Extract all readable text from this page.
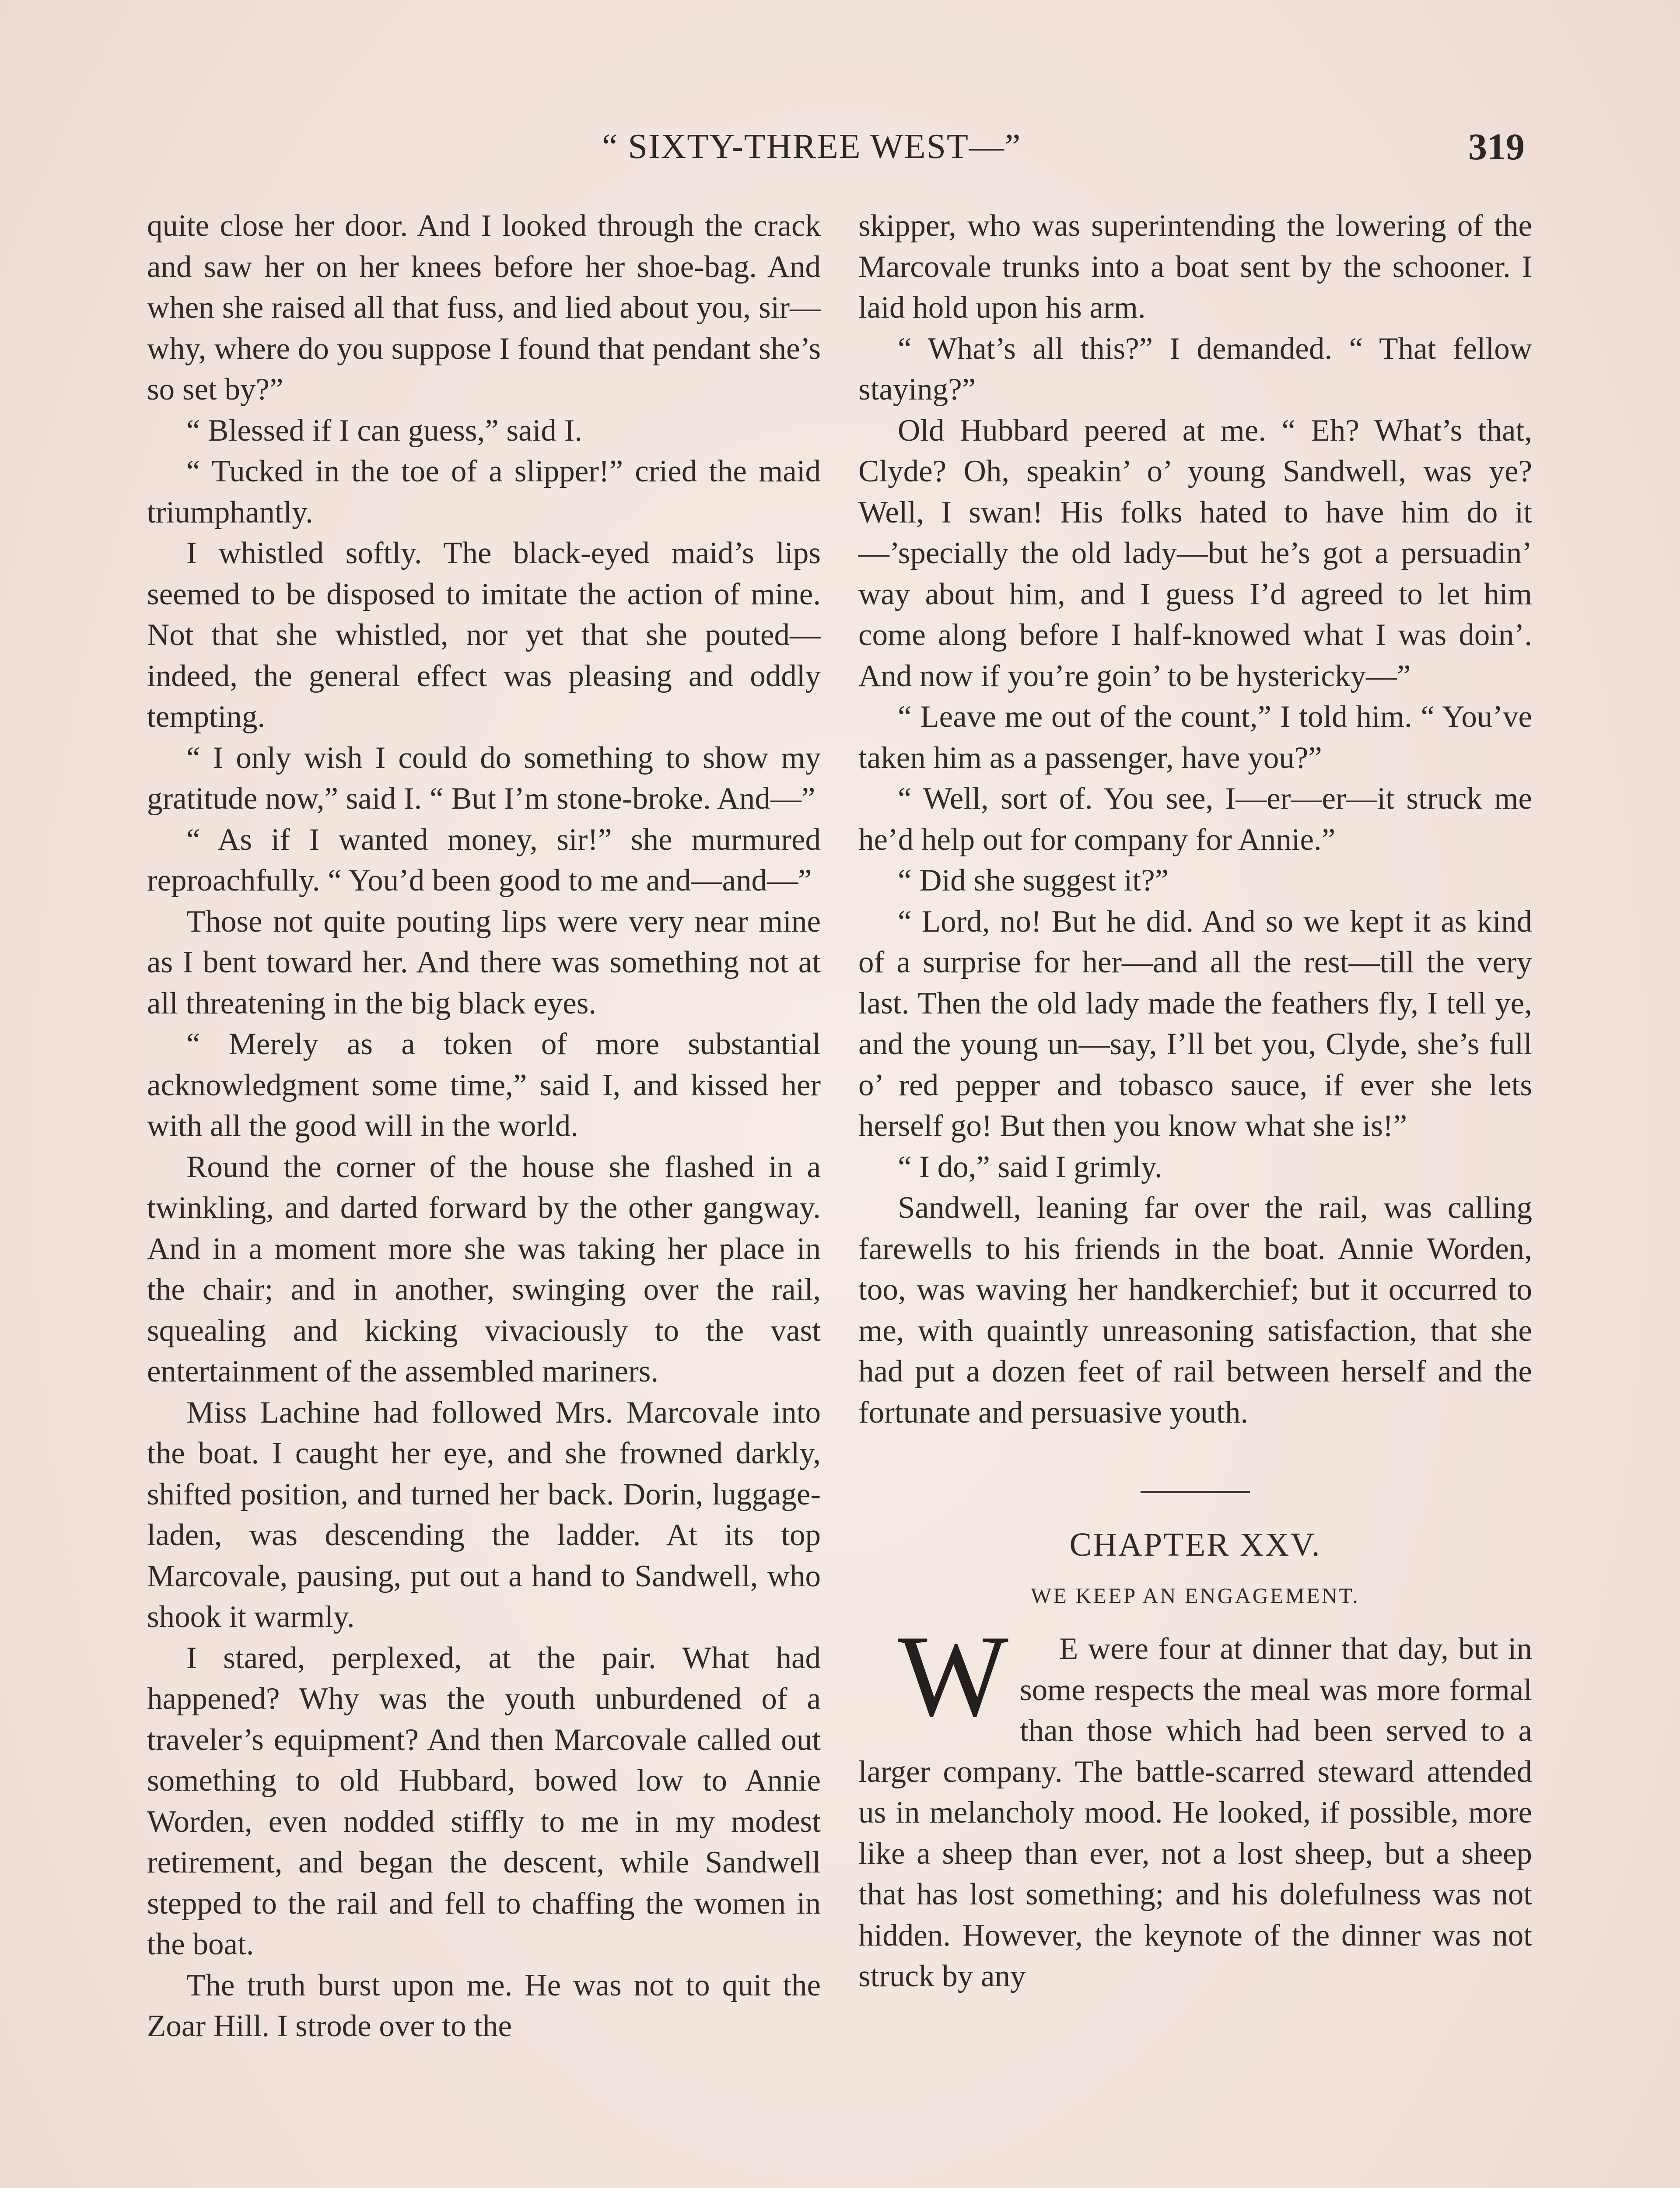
“ SIXTY-THREE WEST—”	319

quite close her door. And I looked through the crack and saw her on her knees before her shoe-bag. And when she raised all that fuss, and lied about you, sir—why, where do you suppose I found that pendant she’s so set by?”

“ Blessed if I can guess,” said I.

“ Tucked in the toe of a slipper!” cried the maid triumphantly.

I whistled softly. The black-eyed maid’s lips seemed to be disposed to imitate the action of mine. Not that she whistled, nor yet that she pouted—indeed, the general effect was pleasing and oddly tempting.

“ I only wish I could do something to show my gratitude now,” said I. “ But I’m stone-broke. And—”

“ As if I wanted money, sir!” she murmured reproachfully. “ You’d been good to me and—and—”

Those not quite pouting lips were very near mine as I bent toward her. And there was something not at all threatening in the big black eyes.

“ Merely as a token of more substantial acknowledgment some time,” said I, and kissed her with all the good will in the world.

Round the corner of the house she flashed in a twinkling, and darted forward by the other gangway. And in a moment more she was taking her place in the chair; and in another, swinging over the rail, squealing and kicking vivaciously to the vast entertainment of the assembled mariners.

Miss Lachine had followed Mrs. Marcovale into the boat. I caught her eye, and she frowned darkly, shifted position, and turned her back. Dorin, luggage-laden, was descending the ladder. At its top Marcovale, pausing, put out a hand to Sandwell, who shook it warmly.

I stared, perplexed, at the pair. What had happened? Why was the youth unburdened of a traveler’s equipment? And then Marcovale called out something to old Hubbard, bowed low to Annie Worden, even nodded stiffly to me in my modest retirement, and began the descent, while Sandwell stepped to the rail and fell to chaffing the women in the boat.

The truth burst upon me. He was not to quit the Zoar Hill. I strode over to the

skipper, who was superintending the lowering of the Marcovale trunks into a boat sent by the schooner. I laid hold upon his arm.

“ What’s all this?” I demanded. “ That fellow staying?”

Old Hubbard peered at me. “ Eh? What’s that, Clyde? Oh, speakin’ o’ young Sandwell, was ye? Well, I swan! His folks hated to have him do it—’specially the old lady—but he’s got a persuadin’ way about him, and I guess I’d agreed to let him come along before I half-knowed what I was doin’. And now if you’re goin’ to be hystericky—”

“ Leave me out of the count,” I told him. “ You’ve taken him as a passenger, have you?”

“ Well, sort of. You see, I—er—er—it struck me he’d help out for company for Annie.”

“ Did she suggest it?”

“ Lord, no! But he did. And so we kept it as kind of a surprise for her—and all the rest—till the very last. Then the old lady made the feathers fly, I tell ye, and the young un—say, I’ll bet you, Clyde, she’s full o’ red pepper and tobasco sauce, if ever she lets herself go! But then you know what she is!”

“ I do,” said I grimly.

Sandwell, leaning far over the rail, was calling farewells to his friends in the boat. Annie Worden, too, was waving her handkerchief; but it occurred to me, with quaintly unreasoning satisfaction, that she had put a dozen feet of rail between herself and the fortunate and persuasive youth.

CHAPTER XXV.
WE KEEP AN ENGAGEMENT.

W E were four at dinner that day, but in some respects the meal was more formal than those which had been served to a larger company. The battle-scarred steward attended us in melancholy mood. He looked, if possible, more like a sheep than ever, not a lost sheep, but a sheep that has lost something; and his dolefulness was not hidden. However, the keynote of the dinner was not struck by any
